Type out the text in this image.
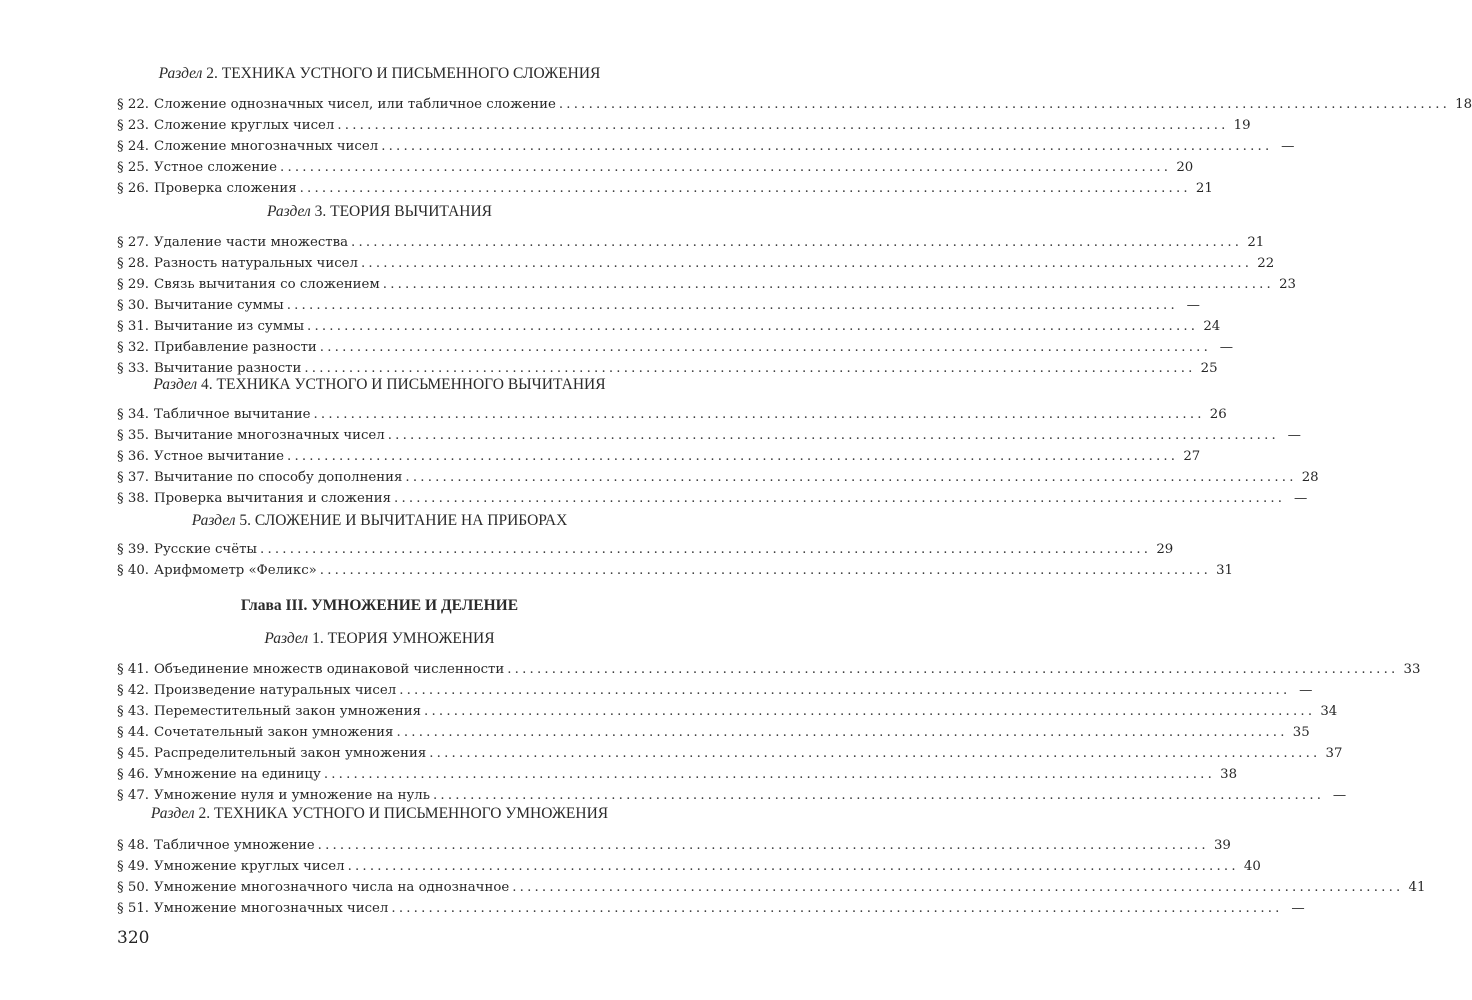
Раздел 2. ТЕХНИКА УСТНОГО И ПИСЬМЕННОГО СЛОЖЕНИЯ
§ 22. Сложение однозначных чисел, или табличное сложение ........................................................................................................................ 18
§ 23. Сложение круглых чисел ........................................................................................................................ 19
§ 24. Сложение многозначных чисел ........................................................................................................................ —
§ 25. Устное сложение ........................................................................................................................ 20
§ 26. Проверка сложения ........................................................................................................................ 21
Раздел 3. ТЕОРИЯ ВЫЧИТАНИЯ
§ 27. Удаление части множества ........................................................................................................................ 21
§ 28. Разность натуральных чисел ........................................................................................................................ 22
§ 29. Связь вычитания со сложением ........................................................................................................................ 23
§ 30. Вычитание суммы ........................................................................................................................ —
§ 31. Вычитание из суммы ........................................................................................................................ 24
§ 32. Прибавление разности ........................................................................................................................ —
§ 33. Вычитание разности ........................................................................................................................ 25
Раздел 4. ТЕХНИКА УСТНОГО И ПИСЬМЕННОГО ВЫЧИТАНИЯ
§ 34. Табличное вычитание ........................................................................................................................ 26
§ 35. Вычитание многозначных чисел ........................................................................................................................ —
§ 36. Устное вычитание ........................................................................................................................ 27
§ 37. Вычитание по способу дополнения ........................................................................................................................ 28
§ 38. Проверка вычитания и сложения ........................................................................................................................ —
Раздел 5. СЛОЖЕНИЕ И ВЫЧИТАНИЕ НА ПРИБОРАХ
§ 39. Русские счёты ........................................................................................................................ 29
§ 40. Арифмометр «Феликс» ........................................................................................................................ 31
Глава III. УМНОЖЕНИЕ И ДЕЛЕНИЕ
Раздел 1. ТЕОРИЯ УМНОЖЕНИЯ
§ 41. Объединение множеств одинаковой численности ........................................................................................................................ 33
§ 42. Произведение натуральных чисел ........................................................................................................................ —
§ 43. Переместительный закон умножения ........................................................................................................................ 34
§ 44. Сочетательный закон умножения ........................................................................................................................ 35
§ 45. Распределительный закон умножения ........................................................................................................................ 37
§ 46. Умножение на единицу ........................................................................................................................ 38
§ 47. Умножение нуля и умножение на нуль ........................................................................................................................ —
Раздел 2. ТЕХНИКА УСТНОГО И ПИСЬМЕННОГО УМНОЖЕНИЯ
§ 48. Табличное умножение ........................................................................................................................ 39
§ 49. Умножение круглых чисел ........................................................................................................................ 40
§ 50. Умножение многозначного числа на однозначное ........................................................................................................................ 41
§ 51. Умножение многозначных чисел ........................................................................................................................ —
320
